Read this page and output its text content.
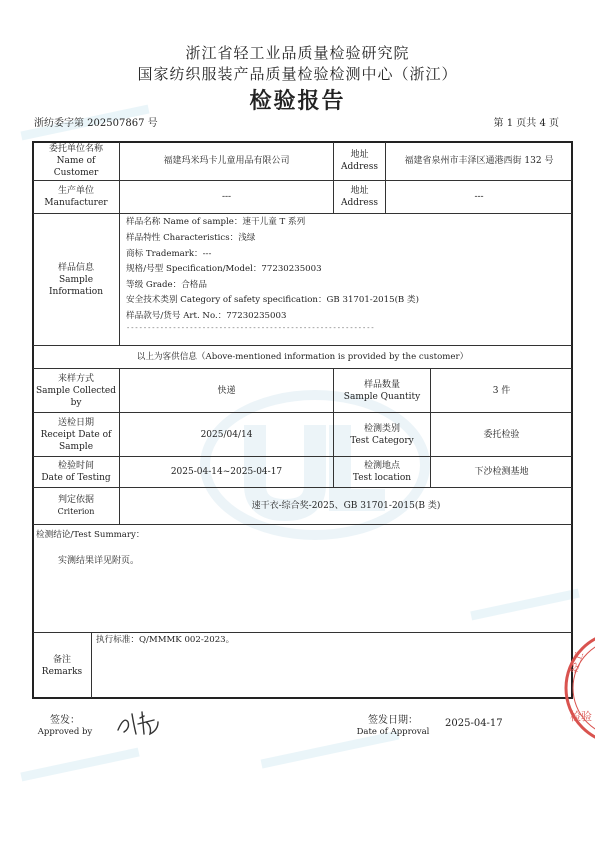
浙江省轻工业品质量检验研究院
国家纺织服装产品质量检验检测中心（浙江）
检验报告
浙纺委字第 202507867 号	第 1 页共 4 页
委托单位名称
Name of Customer
福建玛米玛卡儿童用品有限公司
地址
Address
福建省泉州市丰泽区通港西街 132 号
生产单位
Manufacturer
---
地址
Address
---
样品信息
Sample
Information
样品名称 Name of sample：速干儿童 T 系列
样品特性 Characteristics：浅绿
商标 Trademark：---
规格/号型 Specification/Model：77230235003
等级 Grade：合格品
安全技术类别 Category of safety specification：GB 31701-2015(B 类)
样品款号/货号 Art. No.：77230235003
-----------------------------------------------------------
以上为客供信息（Above-mentioned information is provided by the customer）
来样方式
Sample Collected
by
快递
样品数量
Sample Quantity
3 件
送检日期
Receipt Date of
Sample
2025/04/14
检测类别
Test Category
委托检验
检验时间
Date of Testing
2025-04-14~2025-04-17
检测地点
Test location
下沙检测基地
判定依据
Criterion
速干衣-综合奖-2025、GB 31701-2015(B 类)
检测结论/Test Summary：
实测结果详见附页。
备注
Remarks
执行标准：Q/MMMK 002-2023。
签发：
Approved by
签发日期：
Date of Approval
2025-04-17
轻工
检验
